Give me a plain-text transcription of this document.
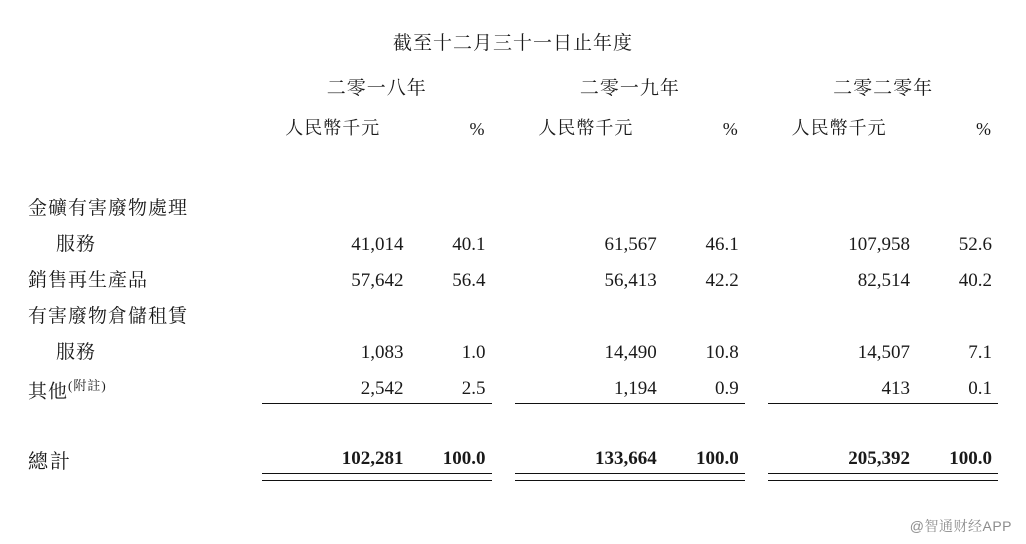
截至十二月三十一日止年度
	二零一八年			二零一九年			二零二零年	
	人民幣千元	%		人民幣千元	%		人民幣千元	%

金礦有害廢物處理								
服務	41,014	40.1		61,567	46.1		107,958	52.6
銷售再生產品	57,642	56.4		56,413	42.2		82,514	40.2
有害廢物倉儲租賃								
服務	1,083	1.0		14,490	10.8		14,507	7.1
其他$^{(附註)}$	2,542	2.5		1,194	0.9		413	0.1

總計	102,281	100.0		133,664	100.0		205,392	100.0

@智通财经APP
